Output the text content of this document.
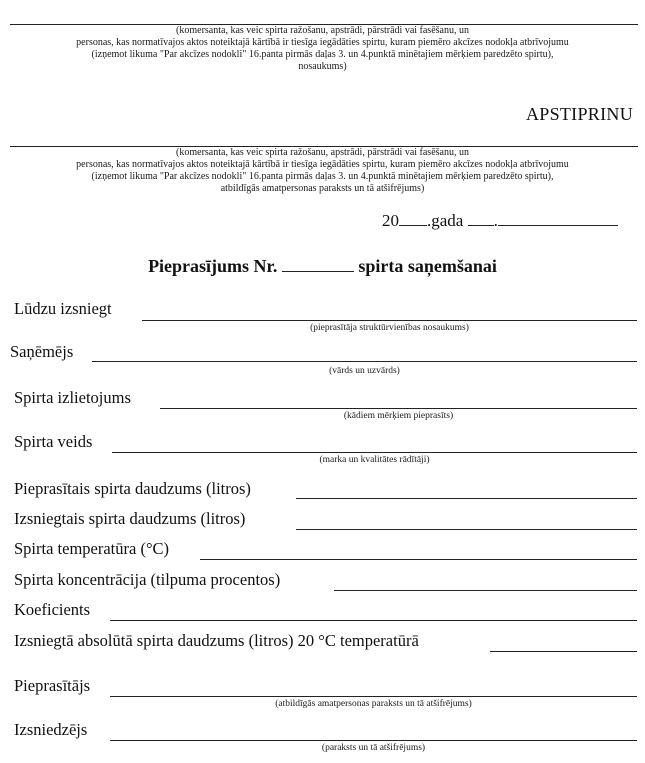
(komersanta, kas veic spirta ražošanu, apstrādi, pārstrādi vai fasēšanu, un
personas, kas normatīvajos aktos noteiktajā kārtībā ir tiesīga iegādāties spirtu, kuram piemēro akcīzes nodokļa atbrīvojumu
(izņemot likuma "Par akcīzes nodokli" 16.panta pirmās daļas 3. un 4.punktā minētajiem mērķiem paredzēto spirtu),
nosaukums)
APSTIPRINU
(komersanta, kas veic spirta ražošanu, apstrādi, pārstrādi vai fasēšanu, un
personas, kas normatīvajos aktos noteiktajā kārtībā ir tiesīga iegādāties spirtu, kuram piemēro akcīzes nodokļa atbrīvojumu
(izņemot likuma "Par akcīzes nodokli" 16.panta pirmās daļas 3. un 4.punktā minētajiem mērķiem paredzēto spirtu),
atbildīgās amatpersonas paraksts un tā atšifrējums)
20 .gada .
Pieprasījums Nr.	spirta saņemšanai
Lūdzu izsniegt
(pieprasītāja struktūrvienības nosaukums)
Saņēmējs
(vārds un uzvārds)
Spirta izlietojums
(kādiem mērķiem pieprasīts)
Spirta veids
(marka un kvalitātes rādītāji)
Pieprasītais spirta daudzums (litros)
Izsniegtais spirta daudzums (litros)
Spirta temperatūra (°C)
Spirta koncentrācija (tilpuma procentos)
Koeficients
Izsniegtā absolūtā spirta daudzums (litros) 20 °C temperatūrā
Pieprasītājs
(atbildīgās amatpersonas paraksts un tā atšifrējums)
Izsniedzējs
(paraksts un tā atšifrējums)
